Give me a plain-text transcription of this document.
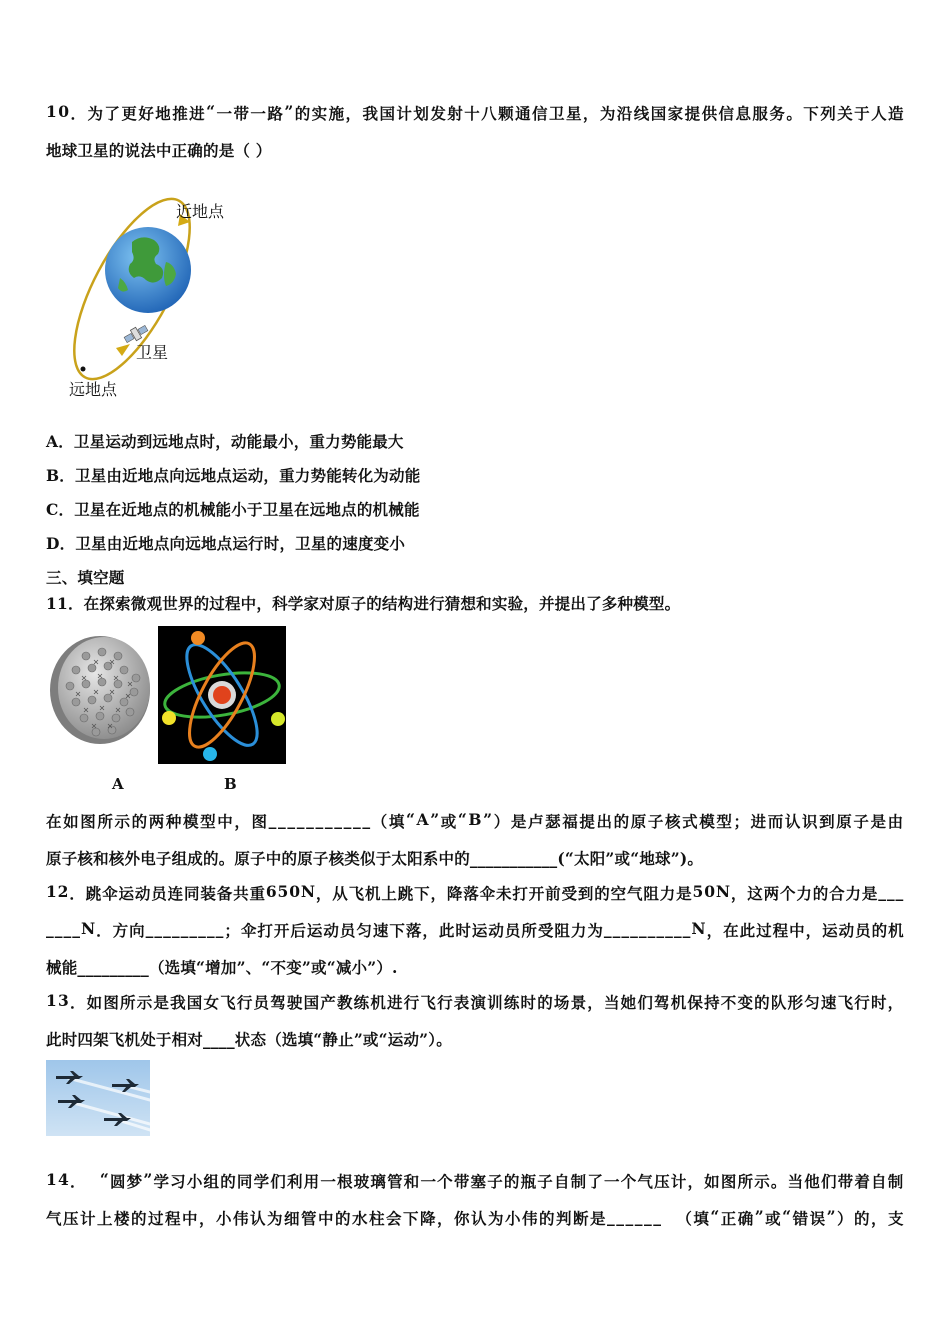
1 0 ． 为 了 更 好 地 推 进 “ 一 带 一 路 ” 的 实 施 ， 我 国 计 划 发 射 十 八 颗 通 信 卫 星 ， 为 沿 线 国 家 提 供 信 息 服 务 。 下 列 关 于 人 造
地球卫星的说法中正确的是（ ）
近地点
卫星
远地点
A．卫星运动到远地点时，动能最小，重力势能最大
B．卫星由近地点向远地点运动，重力势能转化为动能
C．卫星在近地点的机械能小于卫星在远地点的机械能
D．卫星由近地点向远地点运行时，卫星的速度变小
三、填空题
11．在探索微观世界的过程中，科学家对原子的结构进行猜想和实验，并提出了多种模型。
A	B
在 如 图 所 示 的 两 种 模 型 中 ， 图 _ _ _ _ _ _ _ _ _ _ _ （ 填 “ A ” 或 “ B ” ） 是 卢 瑟 福 提 出 的 原 子 核 式 模 型 ； 进 而 认 识 到 原 子 是 由
原子核和核外电子组成的。原子中的原子核类似于太阳系中的___________(“太阳”或“地球”)。
1 2 ． 跳 伞 运 动 员 连 同 装 备 共 重 6 5 0 N ， 从 飞 机 上 跳 下 ， 降 落 伞 未 打 开 前 受 到 的 空 气 阻 力 是 5 0 N ， 这 两 个 力 的 合 力 是 _ _ _
_ _ _ _ N ． 方 向 _ _ _ _ _ _ _ _ _ ； 伞 打 开 后 运 动 员 匀 速 下 落 ， 此 时 运 动 员 所 受 阻 力 为 _ _ _ _ _ _ _ _ _ _ N ， 在 此 过 程 中 ， 运 动 员 的 机
械能_________（选填“增加”、“不变”或“减小”）.
1 3 ． 如 图 所 示 是 我 国 女 飞 行 员 驾 驶 国 产 教 练 机 进 行 飞 行 表 演 训 练 时 的 场 景 ， 当 她 们 驾 机 保 持 不 变 的 队 形 匀 速 飞 行 时 ，
此时四架飞机处于相对____状态（选填“静止”或“运动”）。
1 4 ．

“ 圆 梦 ” 学 习 小 组 的 同 学 们 利 用 一 根 玻 璃 管 和 一 个 带 塞 子 的 瓶 子 自 制 了 一 个 气 压 计 ， 如 图 所 示 。 当 他 们 带 着 自 制
气 压 计 上 楼 的 过 程 中 ， 小 伟 认 为 细 管 中 的 水 柱 会 下 降 ， 你 认 为 小 伟 的 判 断 是 _ _ _ _ _ _

（ 填 “ 正 确 ” 或 “ 错 误 ” ） 的 ， 支
